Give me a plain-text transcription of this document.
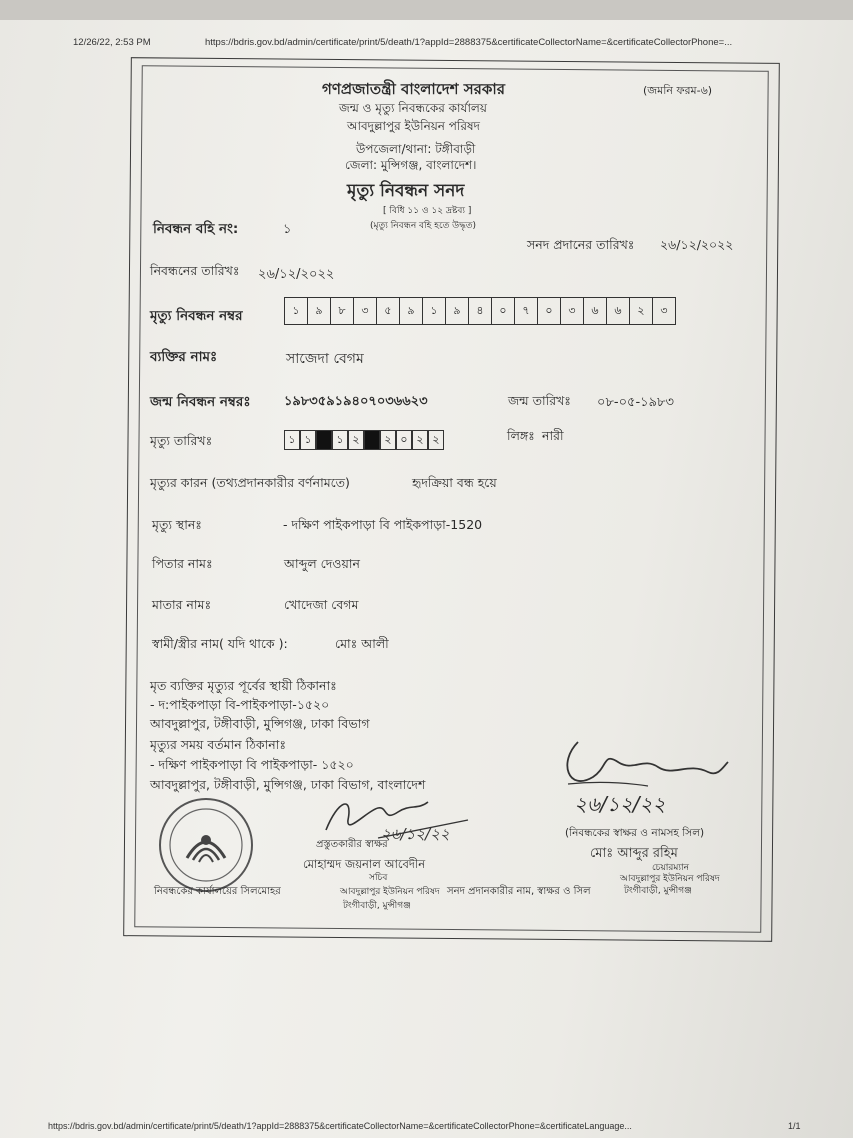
12/26/22, 2:53 PM	https://bdris.gov.bd/admin/certificate/print/5/death/1?appId=2888375&certificateCollectorName=&certificateCollectorPhone=...
গণপ্রজাতন্ত্রী বাংলাদেশ সরকার	(জমনি ফরম-৬)
জন্ম ও মৃত্যু নিবন্ধকের কার্যালয়
আবদুল্লাপুর ইউনিয়ন পরিষদ
উপজেলা/থানা: টঙ্গীবাড়ী
জেলা: মুন্সিগঞ্জ, বাংলাদেশ।
মৃত্যু নিবন্ধন সনদ
[ বিধি ১১ ও ১২ দ্রষ্টব্য ]
(মৃত্যু নিবন্ধন বহি হতে উদ্ধৃত)
নিবন্ধন বহি নং:	১
সনদ প্রদানের তারিখঃ ২৬/১২/২০২২
নিবন্ধনের তারিখঃ ২৬/১২/২০২২
মৃত্যু নিবন্ধন নম্বর	১	৯	৮	৩	৫	৯	১	৯	৪	০	৭	০	৩	৬	৬	২	৩
ব্যক্তির নামঃ	সাজেদা বেগম
জন্ম নিবন্ধন নম্বরঃ	১৯৮৩৫৯১৯৪০৭০৩৬৬২৩	জন্ম তারিখঃ ০৮-০৫-১৯৮৩
মৃত্যু তারিখঃ	১ ১	১ ২	২ ০ ২ ২	লিঙ্গঃ নারী
মৃত্যুর কারন (তথ্যপ্রদানকারীর বর্ণনামতে)	হৃদক্রিয়া বন্ধ হয়ে
মৃত্যু স্থানঃ	- দক্ষিণ পাইকপাড়া বি পাইকপাড়া-1520
পিতার নামঃ	আব্দুল দেওয়ান
মাতার নামঃ	খোদেজা বেগম
স্বামী/স্ত্রীর নাম( যদি থাকে ):	মোঃ আলী
মৃত ব্যক্তির মৃত্যুর পূর্বের স্থায়ী ঠিকানাঃ
- দ:পাইকপাড়া বি-পাইকপাড়া-১৫২০
আবদুল্লাপুর, টঙ্গীবাড়ী, মুন্সিগঞ্জ, ঢাকা বিভাগ
মৃত্যুর সময় বর্তমান ঠিকানাঃ
- দক্ষিণ পাইকপাড়া বি পাইকপাড়া- ১৫২০
আবদুল্লাপুর, টঙ্গীবাড়ী, মুন্সিগঞ্জ, ঢাকা বিভাগ, বাংলাদেশ
২৬/১২/২২
প্রস্তুতকারীর স্বাক্ষর
মোহাম্মদ জয়নাল আবেদীন
সচিব
আবদুল্লাপুর ইউনিয়ন পরিষদ
টংগীবাড়ী, মুন্সীগঞ্জ
২৬/১২/২২
(নিবন্ধকের স্বাক্ষর ও নামসহ সিল)
মোঃ আব্দুর রহিম
চেয়ারম্যান
আবদুল্লাপুর ইউনিয়ন পরিষদ
টংগীবাড়ী, মুন্সীগঞ্জ
নিবন্ধকের কার্যালয়ের সিলমোহর	সনদ প্রদানকারীর নাম, স্বাক্ষর ও সিল
https://bdris.gov.bd/admin/certificate/print/5/death/1?appId=2888375&certificateCollectorName=&certificateCollectorPhone=&certificateLanguage...	1/1
